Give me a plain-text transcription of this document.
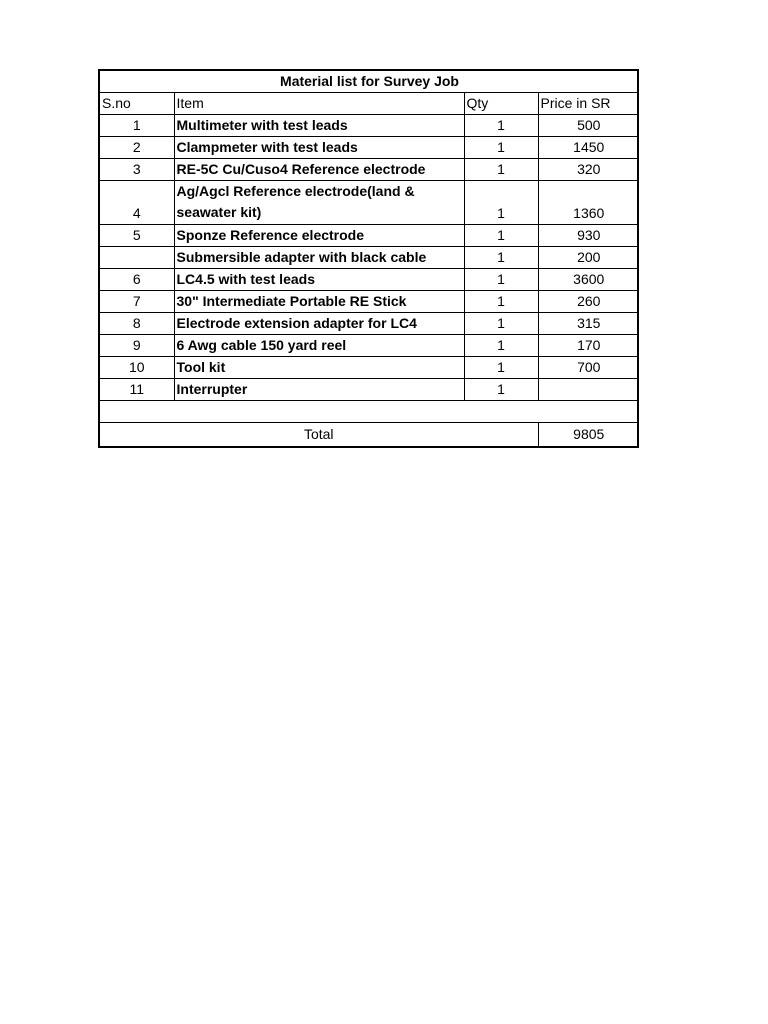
Material list for Survey Job			
S.no	Item	Qty	Price in SR
1	Multimeter with test leads	1	500
2	Clampmeter with test leads	1	1450
3	RE-5C Cu/Cuso4 Reference electrode	1	320
4	Ag/Agcl Reference electrode(land & seawater kit)	1	1360
5	Sponze Reference electrode	1	930
	Submersible adapter with black cable	1	200
6	LC4.5 with test leads	1	3600
7	30" Intermediate Portable RE Stick	1	260
8	Electrode extension adapter for LC4	1	315
9	6 Awg cable 150 yard reel	1	170
10	Tool kit	1	700
11	Interrupter	1	

Total			9805
